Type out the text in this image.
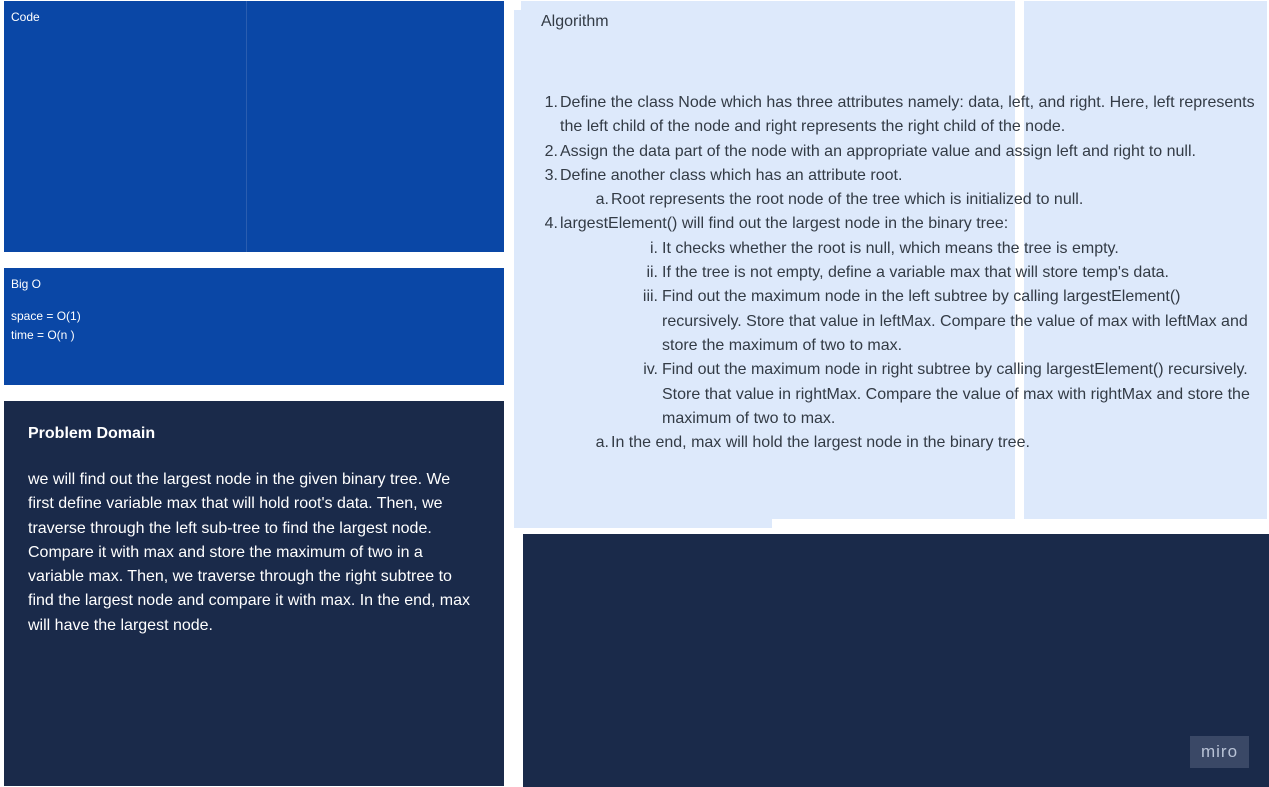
Code
Big O
space = O(1)
time = O(n )
Problem Domain
we will find out the largest node in the given binary tree. We first define variable max that will hold root's data. Then, we traverse through the left sub-tree to find the largest node. Compare it with max and store the maximum of two in a variable max. Then, we traverse through the right subtree to find the largest node and compare it with max. In the end, max will have the largest node.
Algorithm
1. Define the class Node which has three attributes namely: data, left, and right. Here, left represents the left child of the node and right represents the right child of the node.
2. Assign the data part of the node with an appropriate value and assign left and right to null.
3. Define another class which has an attribute root.
a. Root represents the root node of the tree which is initialized to null.
4. largestElement() will find out the largest node in the binary tree:
i. It checks whether the root is null, which means the tree is empty.
ii. If the tree is not empty, define a variable max that will store temp's data.
iii. Find out the maximum node in the left subtree by calling largestElement() recursively. Store that value in leftMax. Compare the value of max with leftMax and store the maximum of two to max.
iv. Find out the maximum node in right subtree by calling largestElement() recursively. Store that value in rightMax. Compare the value of max with rightMax and store the maximum of two to max.
a. In the end, max will hold the largest node in the binary tree.
miro
